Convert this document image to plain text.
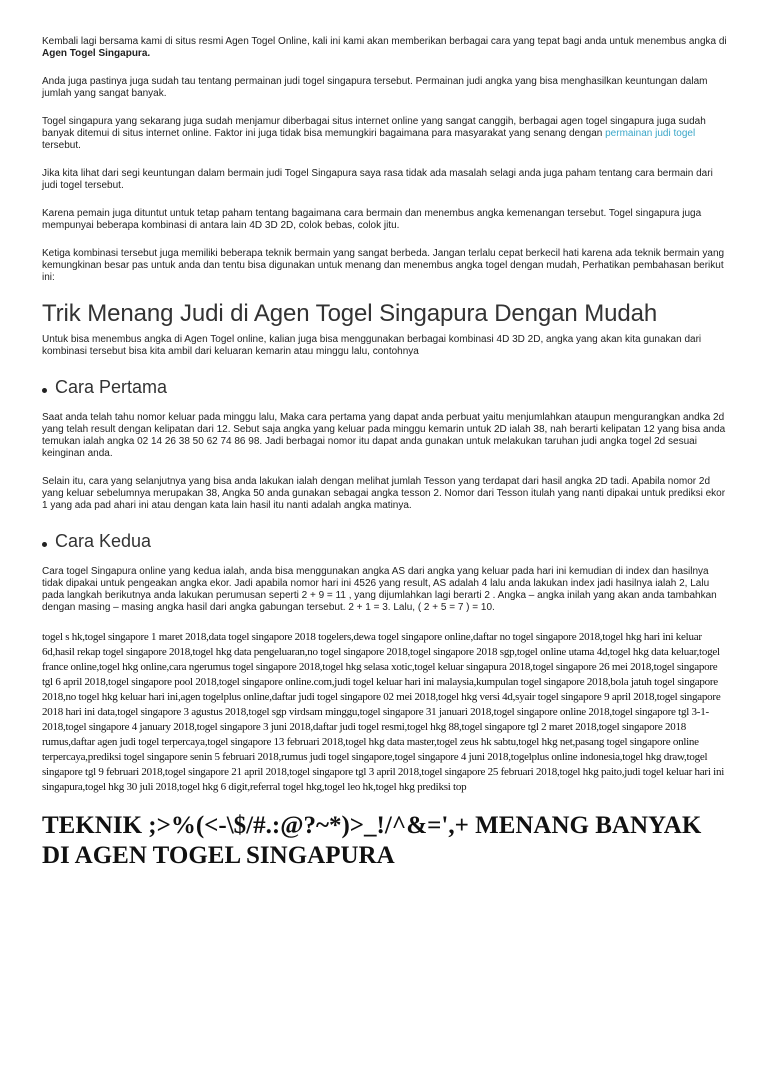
Kembali lagi bersama kami di situs resmi Agen Togel Online, kali ini kami akan memberikan berbagai cara yang tepat bagi anda untuk menembus angka di Agen Togel Singapura.

Anda juga pastinya juga sudah tau tentang permainan judi togel singapura tersebut. Permainan judi angka yang bisa menghasilkan keuntungan dalam jumlah yang sangat banyak.

Togel singapura yang sekarang juga sudah menjamur diberbagai situs internet online yang sangat canggih, berbagai agen togel singapura juga sudah banyak ditemui di situs internet online. Faktor ini juga tidak bisa memungkiri bagaimana para masyarakat yang senang dengan permainan judi togel tersebut.

Jika kita lihat dari segi keuntungan dalam bermain judi Togel Singapura saya rasa tidak ada masalah selagi anda juga paham tentang cara bermain dari judi togel tersebut.

Karena pemain juga dituntut untuk tetap paham tentang bagaimana cara bermain dan menembus angka kemenangan tersebut. Togel singapura juga mempunyai beberapa kombinasi di antara lain 4D 3D 2D, colok bebas, colok jitu.

Ketiga kombinasi tersebut juga memiliki beberapa teknik bermain yang sangat berbeda. Jangan terlalu cepat berkecil hati karena ada teknik bermain yang kemungkinan besar pas untuk anda dan tentu bisa digunakan untuk menang dan menembus angka togel dengan mudah, Perhatikan pembahasan berikut ini:

Trik Menang Judi di Agen Togel Singapura Dengan Mudah

Untuk bisa menembus angka di Agen Togel online, kalian juga bisa menggunakan berbagai kombinasi 4D 3D 2D, angka yang akan kita gunakan dari kombinasi tersebut bisa kita ambil dari keluaran kemarin atau minggu lalu, contohnya

Cara Pertama

Saat anda telah tahu nomor keluar pada minggu lalu, Maka cara pertama yang dapat anda perbuat yaitu menjumlahkan ataupun mengurangkan andka 2d yang telah result dengan kelipatan dari 12. Sebut saja angka yang keluar pada minggu kemarin untuk 2D ialah 38, nah berarti kelipatan 12 yang bisa anda temukan ialah angka 02 14 26 38 50 62 74 86 98. Jadi berbagai nomor itu dapat anda gunakan untuk melakukan taruhan judi angka togel 2d sesuai keinginan anda.

Selain itu, cara yang selanjutnya yang bisa anda lakukan ialah dengan melihat jumlah Tesson yang terdapat dari hasil angka 2D tadi. Apabila nomor 2d yang keluar sebelumnya merupakan 38, Angka 50 anda gunakan sebagai angka tesson 2. Nomor dari Tesson itulah yang nanti dipakai untuk prediksi ekor 1 yang ada pad ahari ini atau dengan kata lain hasil itu nanti adalah angka matinya.

Cara Kedua

Cara togel Singapura online yang kedua ialah, anda bisa menggunakan angka AS dari angka yang keluar pada hari ini kemudian di index dan hasilnya tidak dipakai untuk pengeakan angka ekor. Jadi apabila nomor hari ini 4526 yang result, AS adalah 4 lalu anda lakukan index jadi hasilnya ialah 2, Lalu pada langkah berikutnya anda lakukan perumusan seperti 2 + 9 = 11 , yang dijumlahkan lagi berarti 2 . Angka – angka inilah yang akan anda tambahkan dengan masing – masing angka hasil dari angka gabungan tersebut. 2 + 1 = 3. Lalu, ( 2 + 5 = 7 ) = 10.

togel s hk,togel singapore 1 maret 2018,data togel singapore 2018 togelers,dewa togel singapore online,daftar no togel singapore 2018,togel hkg hari ini keluar 6d,hasil rekap togel singapore 2018,togel hkg data pengeluaran,no togel singapore 2018,togel singapore 2018 sgp,togel online utama 4d,togel hkg data keluar,togel france online,togel hkg online,cara ngerumus togel singapore 2018,togel hkg selasa xotic,togel keluar singapura 2018,togel singapore 26 mei 2018,togel singapore tgl 6 april 2018,togel singapore pool 2018,togel singapore online.com,judi togel keluar hari ini malaysia,kumpulan togel singapore 2018,bola jatuh togel singapore 2018,no togel hkg keluar hari ini,agen togelplus online,daftar judi togel singapore 02 mei 2018,togel hkg versi 4d,syair togel singapore 9 april 2018,togel singapore 2018 hari ini data,togel singapore 3 agustus 2018,togel sgp virdsam minggu,togel singapore 31 januari 2018,togel singapore online 2018,togel singapore tgl 3-1-2018,togel singapore 4 january 2018,togel singapore 3 juni 2018,daftar judi togel resmi,togel hkg 88,togel singapore tgl 2 maret 2018,togel singapore 2018 rumus,daftar agen judi togel terpercaya,togel singapore 13 februari 2018,togel hkg data master,togel zeus hk sabtu,togel hkg net,pasang togel singapore online terpercaya,prediksi togel singapore senin 5 februari 2018,rumus judi togel singapore,togel singapore 4 juni 2018,togelplus online indonesia,togel hkg draw,togel singapore tgl 9 februari 2018,togel singapore 21 april 2018,togel singapore tgl 3 april 2018,togel singapore 25 februari 2018,togel hkg paito,judi togel keluar hari ini singapura,togel hkg 30 juli 2018,togel hkg 6 digit,referral togel hkg,togel leo hk,togel hkg prediksi top

TEKNIK ;>%(<-\$/#.:@?~*)>_!/^&=',+ MENANG BANYAK DI AGEN TOGEL SINGAPURA
